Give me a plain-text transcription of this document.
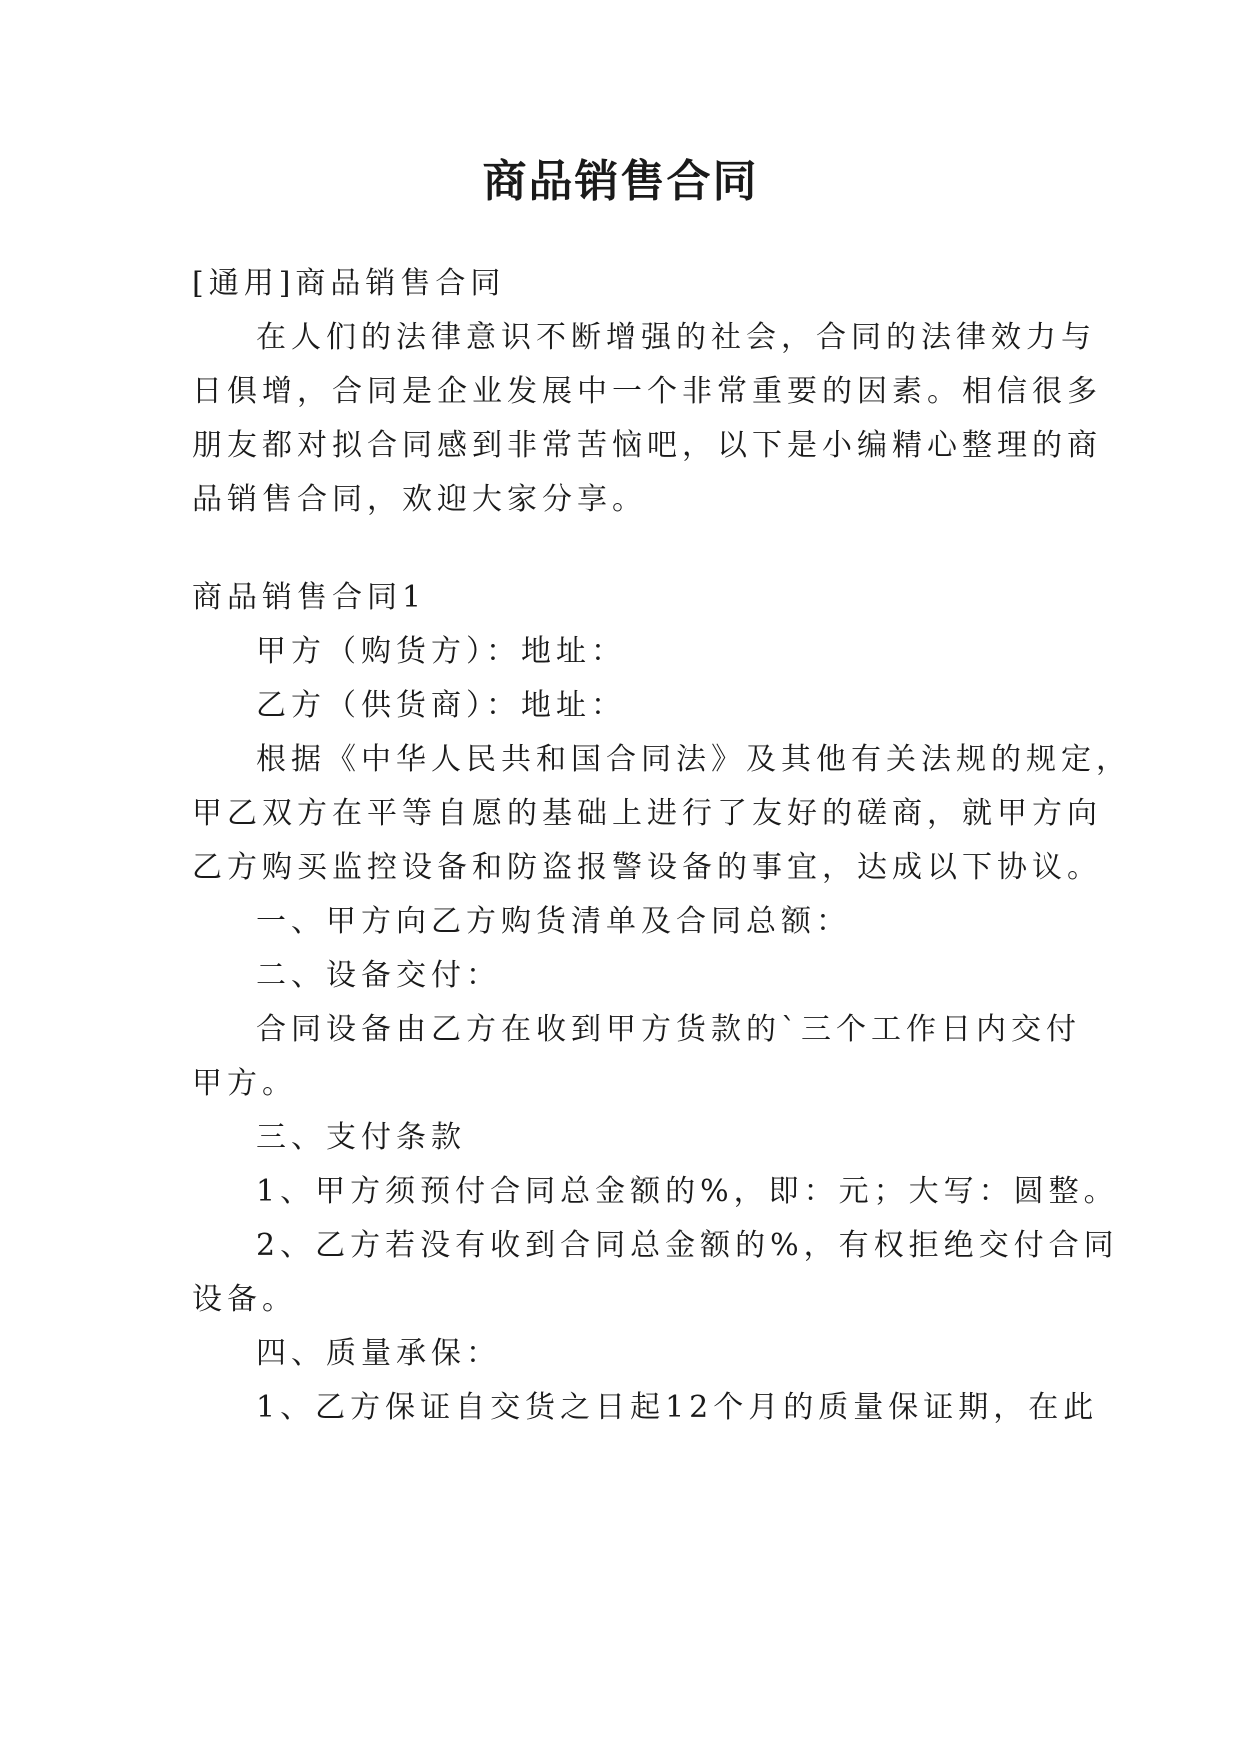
商品销售合同
[通用]商品销售合同
在人们的法律意识不断增强的社会，合同的法律效力与
日俱增，合同是企业发展中一个非常重要的因素。相信很多
朋友都对拟合同感到非常苦恼吧，以下是小编精心整理的商
品销售合同，欢迎大家分享。
商品销售合同1
甲方（购货方）：地址：
乙方（供货商）：地址：
根据《中华人民共和国合同法》及其他有关法规的规定，
甲乙双方在平等自愿的基础上进行了友好的磋商，就甲方向
乙方购买监控设备和防盗报警设备的事宜，达成以下协议。
一、甲方向乙方购货清单及合同总额：
二、设备交付：
合同设备由乙方在收到甲方货款的`三个工作日内交付
甲方。
三、支付条款
1、甲方须预付合同总金额的%，即：元；大写：圆整。
2、乙方若没有收到合同总金额的%，有权拒绝交付合同
设备。
四、质量承保：
1、乙方保证自交货之日起12个月的质量保证期，在此
